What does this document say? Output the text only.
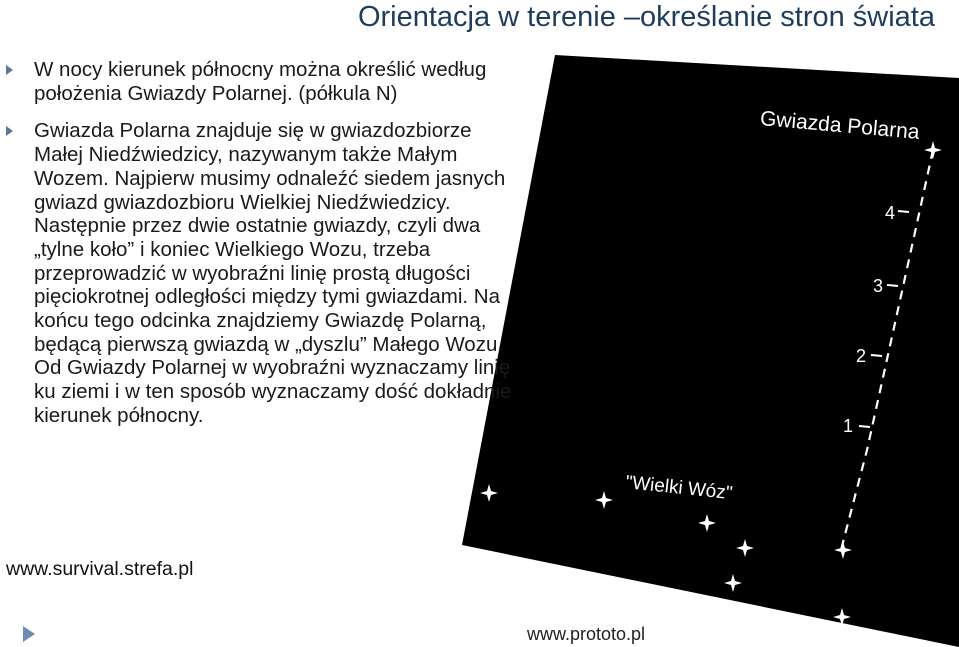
Orientacja w terenie –określanie stron świata
Gwiazda Polarna
4
3
2
1
"Wielki Wóz"
W nocy kierunek północny można określić według położenia Gwiazdy Polarnej. (półkula N)
Gwiazda Polarna znajduje się w gwiazdozbiorze Małej Niedźwiedzicy, nazywanym także Małym Wozem. Najpierw musimy odnaleźć siedem jasnych gwiazd gwiazdozbioru Wielkiej Niedźwiedzicy. Następnie przez dwie ostatnie gwiazdy, czyli dwa „tylne koło” i koniec Wielkiego Wozu, trzeba przeprowadzić w wyobraźni linię prostą długości pięciokrotnej odległości między tymi gwiazdami. Na końcu tego odcinka znajdziemy Gwiazdę Polarną, będącą pierwszą gwiazdą w „dyszlu” Małego Wozu. Od Gwiazdy Polarnej w wyobraźni wyznaczamy linię ku ziemi i w ten sposób wyznaczamy dość dokładnie kierunek północny.
www.survival.strefa.pl
www.prototo.pl
